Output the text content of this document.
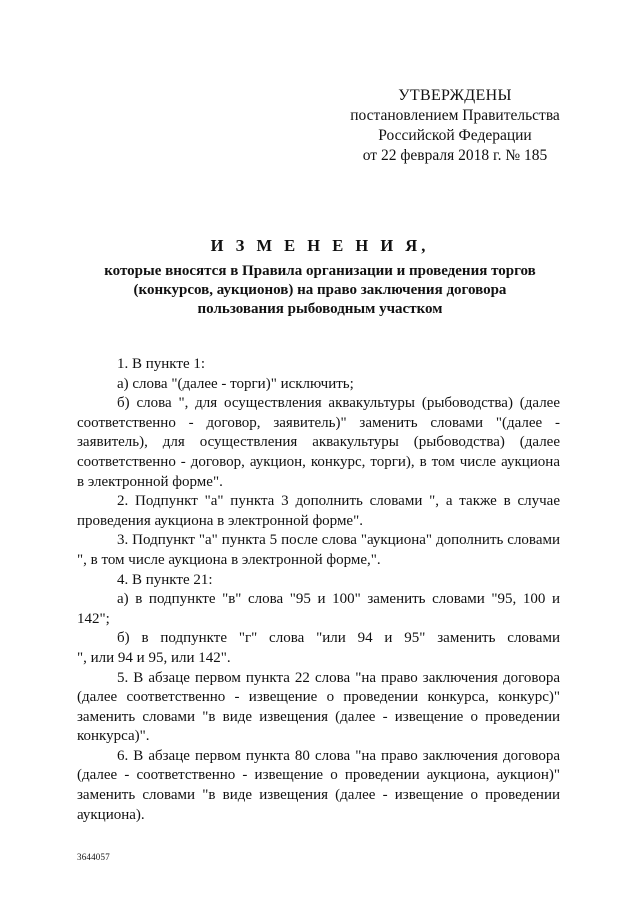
УТВЕРЖДЕНЫ
постановлением Правительства
Российской Федерации
от 22 февраля 2018 г. № 185
И З М Е Н Е Н И Я,
которые вносятся в Правила организации и проведения торгов
(конкурсов, аукционов) на право заключения договора
пользования рыбоводным участком

1. В пункте 1:

а) слова "(далее - торги)" исключить;

б) слова ", для осуществления аквакультуры (рыбоводства) (далее
соответственно - договор, заявитель)" заменить словами "(далее -
заявитель), для осуществления аквакультуры (рыбоводства) (далее
соответственно - договор, аукцион, конкурс, торги), в том числе аукциона
в электронной форме".

2. Подпункт "а" пункта 3 дополнить словами ", а также в случае
проведения аукциона в электронной форме".

3. Подпункт "а" пункта 5 после слова "аукциона" дополнить словами
", в том числе аукциона в электронной форме,".

4. В пункте 21:

а) в подпункте "в" слова "95 и 100" заменить словами "95, 100 и 142";

б) в подпункте "г" слова "или 94 и 95" заменить словами
", или 94 и 95, или 142".

5. В абзаце первом пункта 22 слова "на право заключения договора
(далее соответственно - извещение о проведении конкурса, конкурс)"
заменить словами "в виде извещения (далее - извещение о проведении
конкурса)".

6. В абзаце первом пункта 80 слова "на право заключения договора
(далее - соответственно - извещение о проведении аукциона, аукцион)"
заменить словами "в виде извещения (далее - извещение о проведении
аукциона).

3644057
